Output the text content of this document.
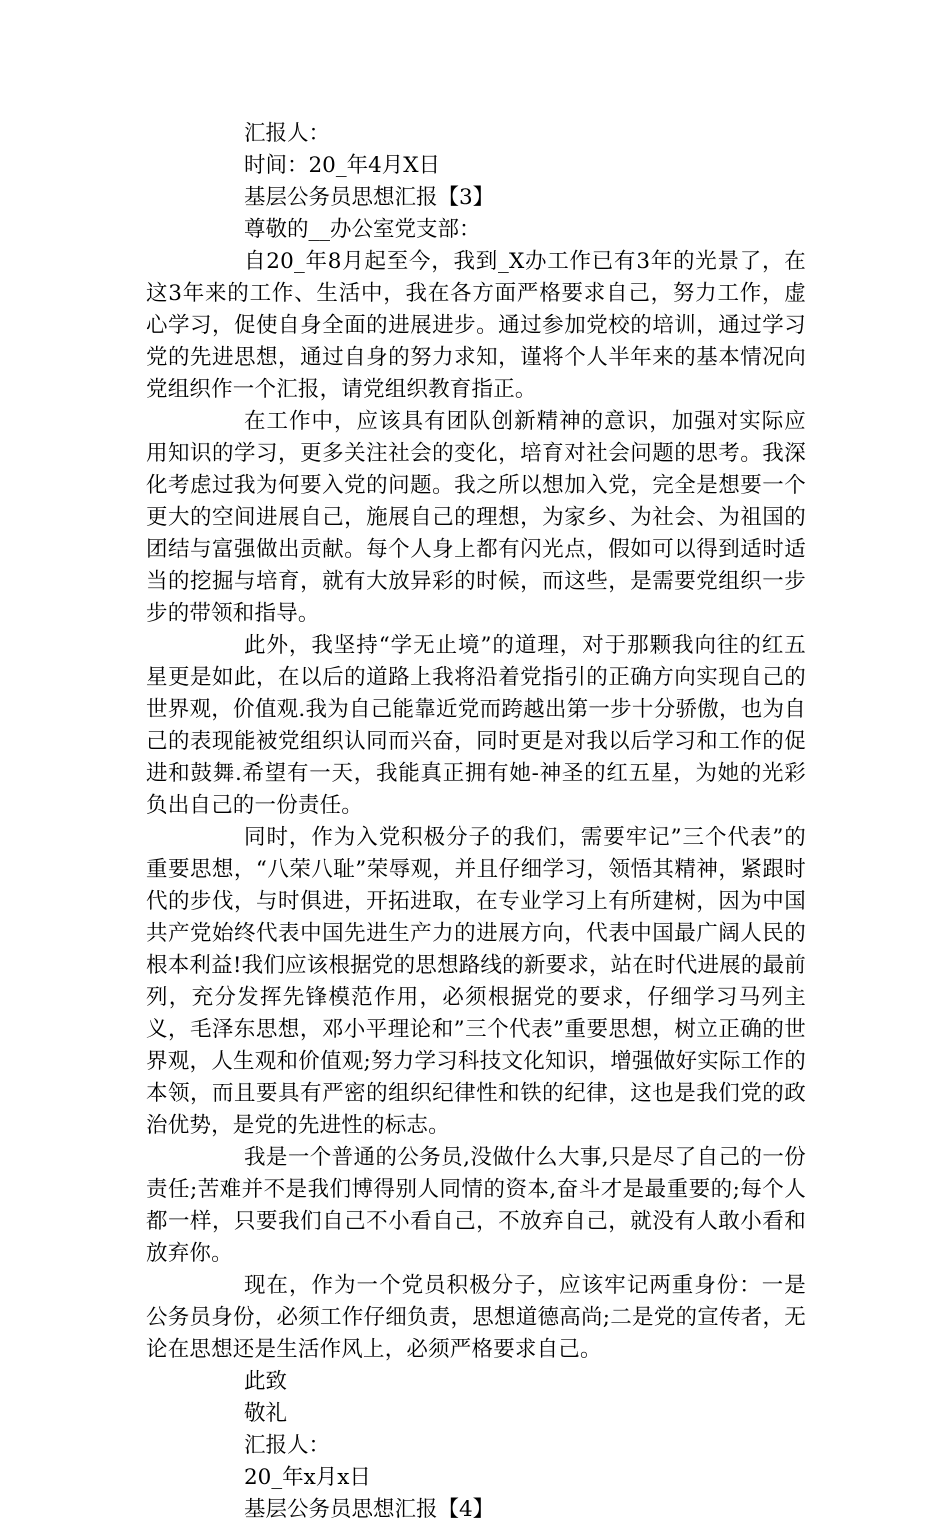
汇报人：
时间：20_年4月X日
基层公务员思想汇报【3】
尊敬的__办公室党支部：
自20_年8月起至今，我到_X办工作已有3年的光景了，在这3年来的工作、生活中，我在各方面严格要求自己，努力工作，虚心学习，促使自身全面的进展进步。通过参加党校的培训，通过学习党的先进思想，通过自身的努力求知，谨将个人半年来的基本情况向党组织作一个汇报，请党组织教育指正。
在工作中，应该具有团队创新精神的意识，加强对实际应用知识的学习，更多关注社会的变化，培育对社会问题的思考。我深化考虑过我为何要入党的问题。我之所以想加入党，完全是想要一个更大的空间进展自己，施展自己的理想，为家乡、为社会、为祖国的团结与富强做出贡献。每个人身上都有闪光点，假如可以得到适时适当的挖掘与培育，就有大放异彩的时候，而这些，是需要党组织一步步的带领和指导。
此外，我坚持“学无止境”的道理，对于那颗我向往的红五星更是如此，在以后的道路上我将沿着党指引的正确方向实现自己的世界观，价值观.我为自己能靠近党而跨越出第一步十分骄傲，也为自己的表现能被党组织认同而兴奋，同时更是对我以后学习和工作的促进和鼓舞.希望有一天，我能真正拥有她-神圣的红五星，为她的光彩负出自己的一份责任。
同时，作为入党积极分子的我们，需要牢记”三个代表”的重要思想，“八荣八耻”荣辱观，并且仔细学习，领悟其精神，紧跟时代的步伐，与时俱进，开拓进取，在专业学习上有所建树，因为中国共产党始终代表中国先进生产力的进展方向，代表中国最广阔人民的根本利益!我们应该根据党的思想路线的新要求，站在时代进展的最前列，充分发挥先锋模范作用，必须根据党的要求，仔细学习马列主义，毛泽东思想，邓小平理论和”三个代表”重要思想，树立正确的世界观，人生观和价值观;努力学习科技文化知识，增强做好实际工作的本领，而且要具有严密的组织纪律性和铁的纪律，这也是我们党的政治优势，是党的先进性的标志。
我是一个普通的公务员,没做什么大事,只是尽了自己的一份责任;苦难并不是我们博得别人同情的资本,奋斗才是最重要的;每个人都一样，只要我们自己不小看自己，不放弃自己，就没有人敢小看和放弃你。
现在，作为一个党员积极分子，应该牢记两重身份：一是公务员身份，必须工作仔细负责，思想道德高尚;二是党的宣传者，无论在思想还是生活作风上，必须严格要求自己。
此致
敬礼
汇报人：
20_年x月x日
基层公务员思想汇报【4】
